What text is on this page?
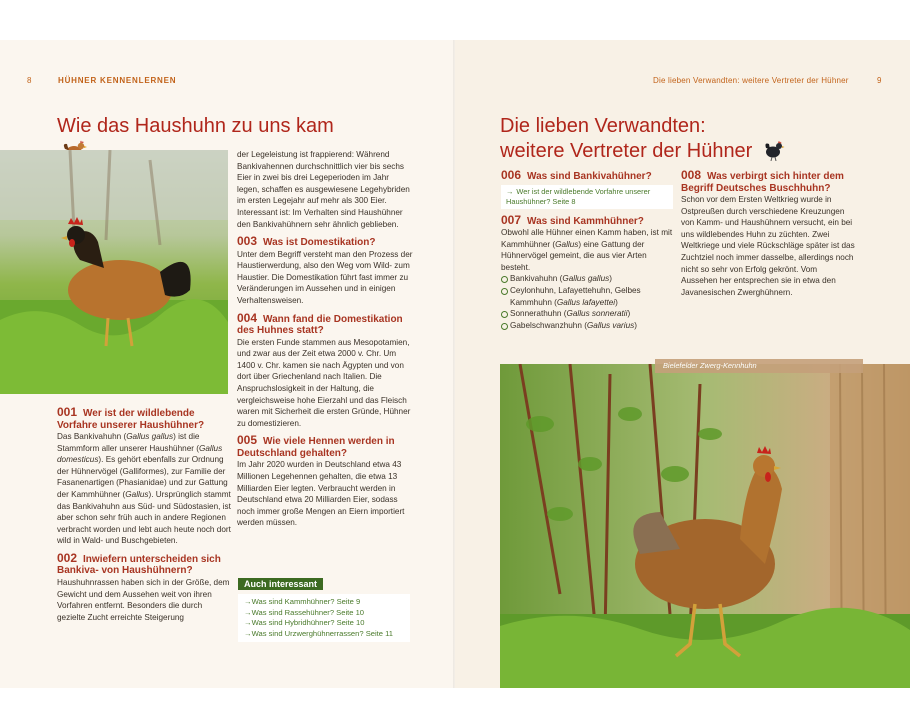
HÜHNER KENNENLERNEN
8
Wie das Haushuhn zu uns kam

001 Wer ist der wildlebende Vorfahre unserer Haushühner?

Das Bankivahuhn (Gallus gallus) ist die Stammform aller unserer Haushühner (Gallus domesticus). Es gehört ebenfalls zur Ordnung der Hühnervögel (Galliformes), zur Familie der Fasanenartigen (Phasianidae) und zur Gattung der Kammhühner (Gallus). Ursprünglich stammt das Bankivahuhn aus Süd- und Südostasien, ist aber schon sehr früh auch in andere Regionen verbracht worden und lebt auch heute noch dort wild in Wald- und Buschgebieten.

002 Inwiefern unterscheiden sich Bankiva- von Haushühnern?

Haushuhnrassen haben sich in der Größe, dem Gewicht und dem Aussehen weit von ihren Vorfahren entfernt. Besonders die durch gezielte Zucht erreichte Steigerung

der Legeleistung ist frappierend: Während Bankivahennen durchschnittlich vier bis sechs Eier in zwei bis drei Legeperioden im Jahr legen, schaffen es ausgewiesene Legehybriden im ersten Legejahr auf mehr als 300 Eier. Interessant ist: Im Verhalten sind Haushühner den Bankivahühnern sehr ähnlich geblieben.

003 Was ist Domestikation?

Unter dem Begriff versteht man den Prozess der Haustierwerdung, also den Weg vom Wild- zum Haustier. Die Domestikation führt fast immer zu Veränderungen im Aussehen und in einigen Verhaltensweisen.

004 Wann fand die Domestikation des Huhnes statt?

Die ersten Funde stammen aus Mesopotamien, und zwar aus der Zeit etwa 2000 v. Chr. Um 1400 v. Chr. kamen sie nach Ägypten und von dort über Griechenland nach Italien. Die Anspruchslosigkeit in der Haltung, die vergleichsweise hohe Eierzahl und das Fleisch waren mit Sicherheit die ersten Gründe, Hühner zu domestizieren.

005 Wie viele Hennen werden in Deutschland gehalten?

Im Jahr 2020 wurden in Deutschland etwa 43 Millionen Legehennen gehalten, die etwa 13 Milliarden Eier legten. Verbraucht werden in Deutschland etwa 20 Milliarden Eier, sodass noch immer große Mengen an Eiern importiert werden müssen.

Auch interessant
→Was sind Kammhühner? Seite 9
→Was sind Rassehühner? Seite 10
→Was sind Hybridhühner? Seite 10
→Was sind Urzwerghühnerrassen? Seite 11
Die lieben Verwandten: weitere Vertreter der Hühner	9
Die lieben Verwandten:
weitere Vertreter der Hühner

006 Was sind Bankivahühner?

→ Wer ist der wildlebende Vorfahre unserer Haushühner? Seite 8

007 Was sind Kammhühner?

Obwohl alle Hühner einen Kamm haben, ist mit Kammhühner (Gallus) eine Gattung der Hühnervögel gemeint, die aus vier Arten besteht.

Bankivahuhn (Gallus gallus)
Ceylonhuhn, Lafayettehuhn, Gelbes Kammhuhn (Gallus lafayettei)
Sonnerathuhn (Gallus sonneratii)
Gabelschwanzhuhn (Gallus varius)

008 Was verbirgt sich hinter dem Begriff Deutsches Buschhuhn?

Schon vor dem Ersten Weltkrieg wurde in Ostpreußen durch verschiedene Kreuzungen von Kamm- und Haushühnern versucht, ein bei uns wildlebendes Huhn zu züchten. Zwei Weltkriege und viele Rückschläge später ist das Zuchtziel noch immer dasselbe, allerdings noch nicht so sehr von Erfolg gekrönt. Vom Aussehen her entsprechen sie in etwa den Javanesischen Zwerghühnern.

Bielefelder Zwerg-Kennhuhn
